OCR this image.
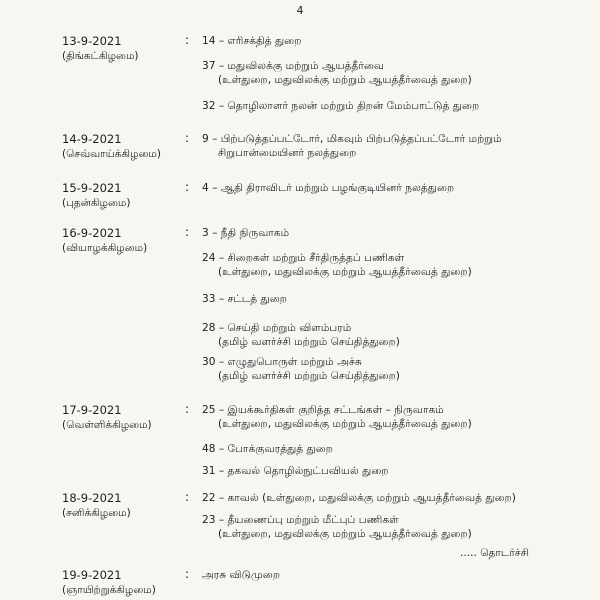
4
13-9-2021
(திங்கட்கிழமை)
: 14 – எரிசக்தித் துறை
37 – மதுவிலக்கு மற்றும் ஆயத்தீர்வை
(உள்துறை, மதுவிலக்கு மற்றும் ஆயத்தீர்வைத் துறை)
32 – தொழிலாளர் நலன் மற்றும் திறன் மேம்பாட்டுத் துறை
14-9-2021
(செவ்வாய்க்கிழமை)
: 9 – பிற்படுத்தப்பட்டோர், மிகவும் பிற்படுத்தப்பட்டோர் மற்றும்
சிறுபான்மையினர் நலத்துறை
15-9-2021
(புதன்கிழமை)
: 4 – ஆதி திராவிடர் மற்றும் பழங்குடியினர் நலத்துறை
16-9-2021
(வியாழக்கிழமை)
: 3 – நீதி நிருவாகம்
24 – சிறைகள் மற்றும் சீர்திருத்தப் பணிகள்
(உள்துறை, மதுவிலக்கு மற்றும் ஆயத்தீர்வைத் துறை)
33 – சட்டத் துறை
28 – செய்தி மற்றும் விளம்பரம்
(தமிழ் வளர்ச்சி மற்றும் செய்தித்துறை)
30 – எழுதுபொருள் மற்றும் அச்சு
(தமிழ் வளர்ச்சி மற்றும் செய்தித்துறை)
17-9-2021
(வெள்ளிக்கிழமை)
: 25 – இயக்கூர்திகள் குறித்த சட்டங்கள் – நிருவாகம்
(உள்துறை, மதுவிலக்கு மற்றும் ஆயத்தீர்வைத் துறை)
48 – போக்குவரத்துத் துறை
31 – தகவல் தொழில்நுட்பவியல் துறை
18-9-2021
(சனிக்கிழமை)
: 22 – காவல் (உள்துறை, மதுவிலக்கு மற்றும் ஆயத்தீர்வைத் துறை)
23 – தீயணைப்பு மற்றும் மீட்புப் பணிகள்
(உள்துறை, மதுவிலக்கு மற்றும் ஆயத்தீர்வைத் துறை)
..... தொடர்ச்சி
19-9-2021
(ஞாயிற்றுக்கிழமை)
: அரசு விடுமுறை
